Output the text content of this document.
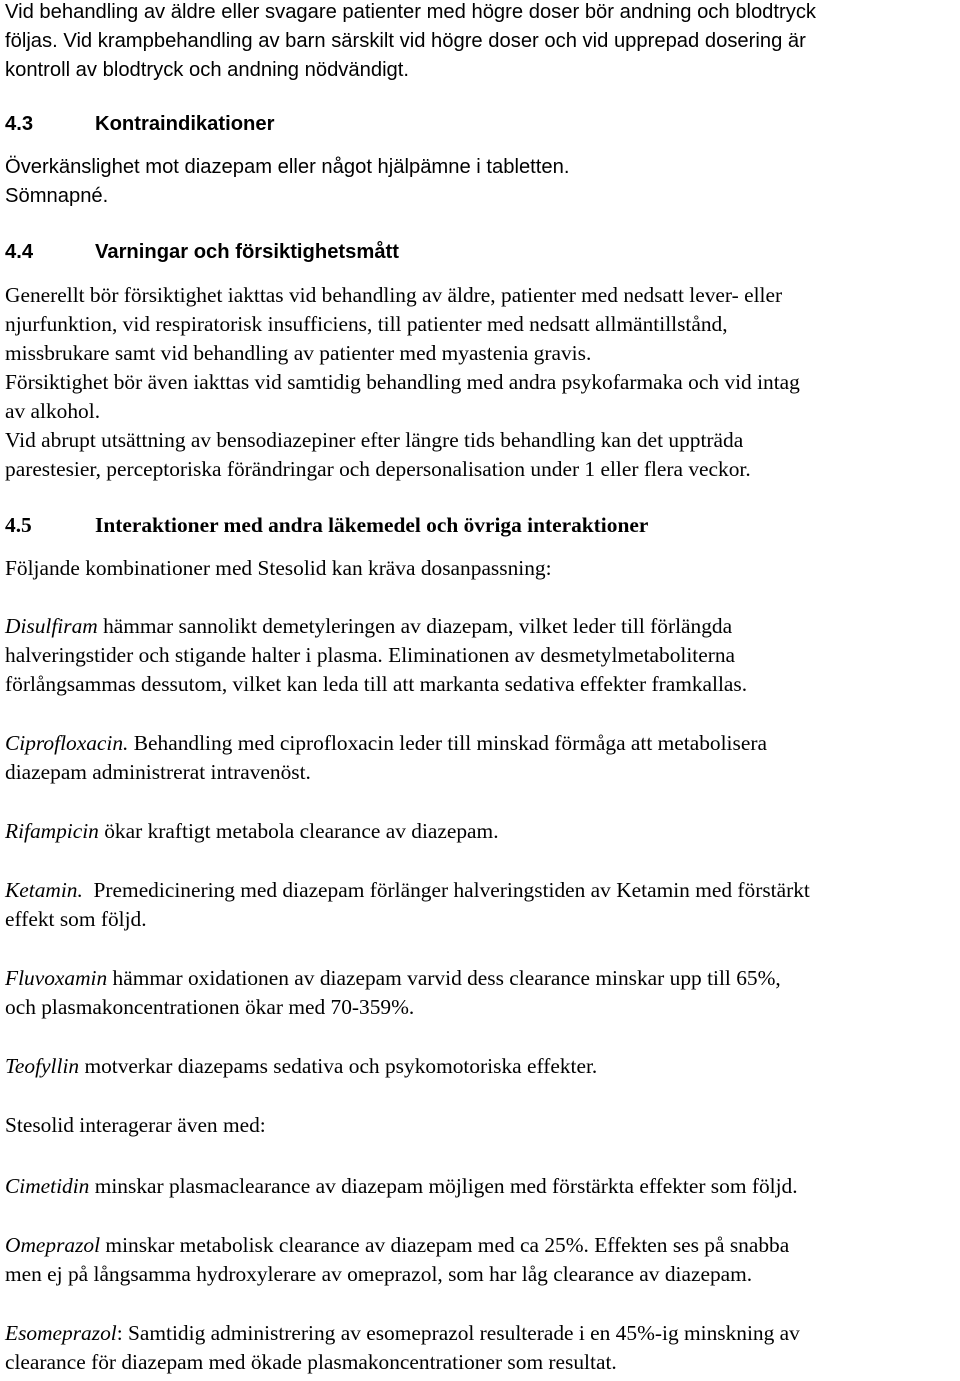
Vid behandling av äldre eller svagare patienter med högre doser bör andning och blodtryck
följas. Vid krampbehandling av barn särskilt vid högre doser och vid upprepad dosering är
kontroll av blodtryck och andning nödvändigt.
4.3	Kontraindikationer
Överkänslighet mot diazepam eller något hjälpämne i tabletten.
Sömnapné.
4.4	Varningar och försiktighetsmått
Generellt bör försiktighet iakttas vid behandling av äldre, patienter med nedsatt lever- eller
njurfunktion, vid respiratorisk insufficiens, till patienter med nedsatt allmäntillstånd,
missbrukare samt vid behandling av patienter med myastenia gravis.
Försiktighet bör även iakttas vid samtidig behandling med andra psykofarmaka och vid intag
av alkohol.
Vid abrupt utsättning av bensodiazepiner efter längre tids behandling kan det uppträda
parestesier, perceptoriska förändringar och depersonalisation under 1 eller flera veckor.
4.5	Interaktioner med andra läkemedel och övriga interaktioner
Följande kombinationer med Stesolid kan kräva dosanpassning:
Disulfiram hämmar sannolikt demetyleringen av diazepam, vilket leder till förlängda
halveringstider och stigande halter i plasma. Eliminationen av desmetylmetaboliterna
förlångsammas dessutom, vilket kan leda till att markanta sedativa effekter framkallas.
Ciprofloxacin. Behandling med ciprofloxacin leder till minskad förmåga att metabolisera
diazepam administrerat intravenöst.
Rifampicin ökar kraftigt metabola clearance av diazepam.
Ketamin.  Premedicinering med diazepam förlänger halveringstiden av Ketamin med förstärkt
effekt som följd.
Fluvoxamin hämmar oxidationen av diazepam varvid dess clearance minskar upp till 65%,
och plasmakoncentrationen ökar med 70-359%.
Teofyllin motverkar diazepams sedativa och psykomotoriska effekter.
Stesolid interagerar även med:
Cimetidin minskar plasmaclearance av diazepam möjligen med förstärkta effekter som följd.
Omeprazol minskar metabolisk clearance av diazepam med ca 25%. Effekten ses på snabba
men ej på långsamma hydroxylerare av omeprazol, som har låg clearance av diazepam.
Esomeprazol: Samtidig administrering av esomeprazol resulterade i en 45%-ig minskning av
clearance för diazepam med ökade plasmakoncentrationer som resultat.
